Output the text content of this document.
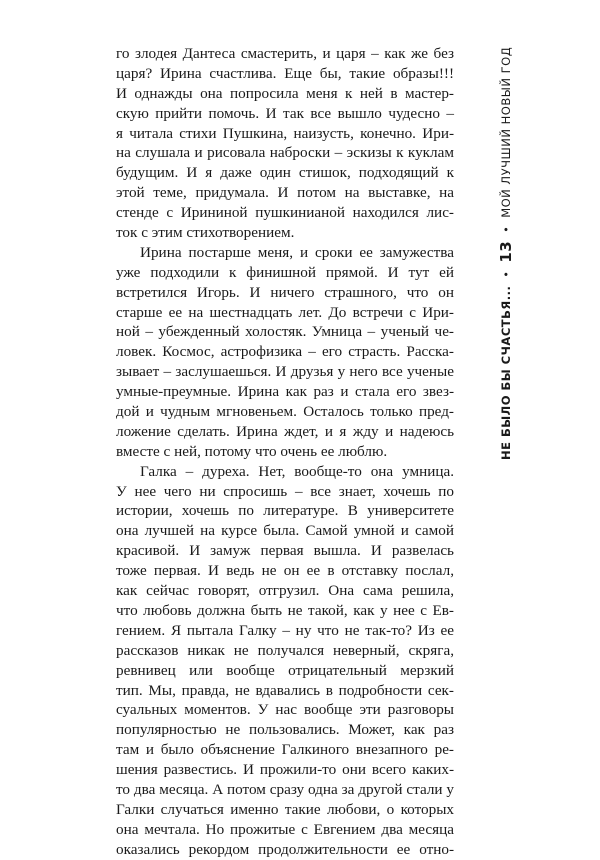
го злодея Дантеса смастерить, и царя – как же без
царя? Ирина счастлива. Еще бы, такие образы!!!
И однажды она попросила меня к ней в мастер-
скую прийти помочь. И так все вышло чудесно –
я читала стихи Пушкина, наизусть, конечно. Ири-
на слушала и рисовала наброски – эскизы к куклам
будущим. И я даже один стишок, подходящий к
этой теме, придумала. И потом на выставке, на
стенде с Ирининой пушкинианой находился лис-
ток с этим стихотворением.
Ирина постарше меня, и сроки ее замужества
уже подходили к финишной прямой. И тут ей
встретился Игорь. И ничего страшного, что он
старше ее на шестнадцать лет. До встречи с Ири-
ной – убежденный холостяк. Умница – ученый че-
ловек. Космос, астрофизика – его страсть. Расска-
зывает – заслушаешься. И друзья у него все ученые
умные-преумные. Ирина как раз и стала его звез-
дой и чудным мгновеньем. Осталось только пред-
ложение сделать. Ирина ждет, и я жду и надеюсь
вместе с ней, потому что очень ее люблю.
Галка – дуреха. Нет, вообще-то она умница.
У нее чего ни спросишь – все знает, хочешь по
истории, хочешь по литературе. В университете
она лучшей на курсе была. Самой умной и самой
красивой. И замуж первая вышла. И развелась
тоже первая. И ведь не он ее в отставку послал,
как сейчас говорят, отгрузил. Она сама решила,
что любовь должна быть не такой, как у нее с Ев-
гением. Я пытала Галку – ну что не так-то? Из ее
рассказов никак не получался неверный, скряга,
ревнивец или вообще отрицательный мерзкий
тип. Мы, правда, не вдавались в подробности сек-
суальных моментов. У нас вообще эти разговоры
популярностью не пользовались. Может, как раз
там и было объяснение Галкиного внезапного ре-
шения развестись. И прожили-то они всего каких-
то два месяца. А потом сразу одна за другой стали у
Галки случаться именно такие любови, о которых
она мечтала. Но прожитые с Евгением два месяца
оказались рекордом продолжительности ее отно-
НЕ БЫЛО БЫ СЧАСТЬЯ...
•
13
•
МОЙ ЛУЧШИЙ НОВЫЙ ГОД
